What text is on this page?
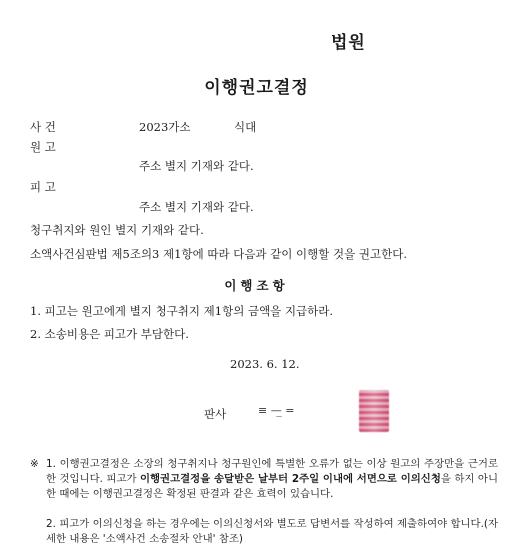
법원
이행권고결정
사 건	2023가소	식대
원 고
주소 별지 기재와 같다.
피 고
주소 별지 기재와 같다.
청구취지와 원인 별지 기재와 같다.
소액사건심판법 제5조의3 제1항에 따라 다음과 같이 이행할 것을 권고한다.
이행조항
1. 피고는 원고에게 별지 청구취지 제1항의 금액을 지급하라.
2. 소송비용은 피고가 부담한다.
2023. 6. 12.
판사	≡ —̲ =
※ 1. 이행권고결정은 소장의 청구취지나 청구원인에 특별한 오류가 없는 이상 원고의 주장만을 근거로 한 것입니다. 피고가 이행권고결정을 송달받은 날부터 2주일 이내에 서면으로 이의신청을 하지 아니한 때에는 이행권고결정은 확정된 판결과 같은 효력이 있습니다.
2. 피고가 이의신청을 하는 경우에는 이의신청서와 별도로 답변서를 작성하여 제출하여야 합니다.(자세한 내용은 '소액사건 소송절차 안내' 참조)
